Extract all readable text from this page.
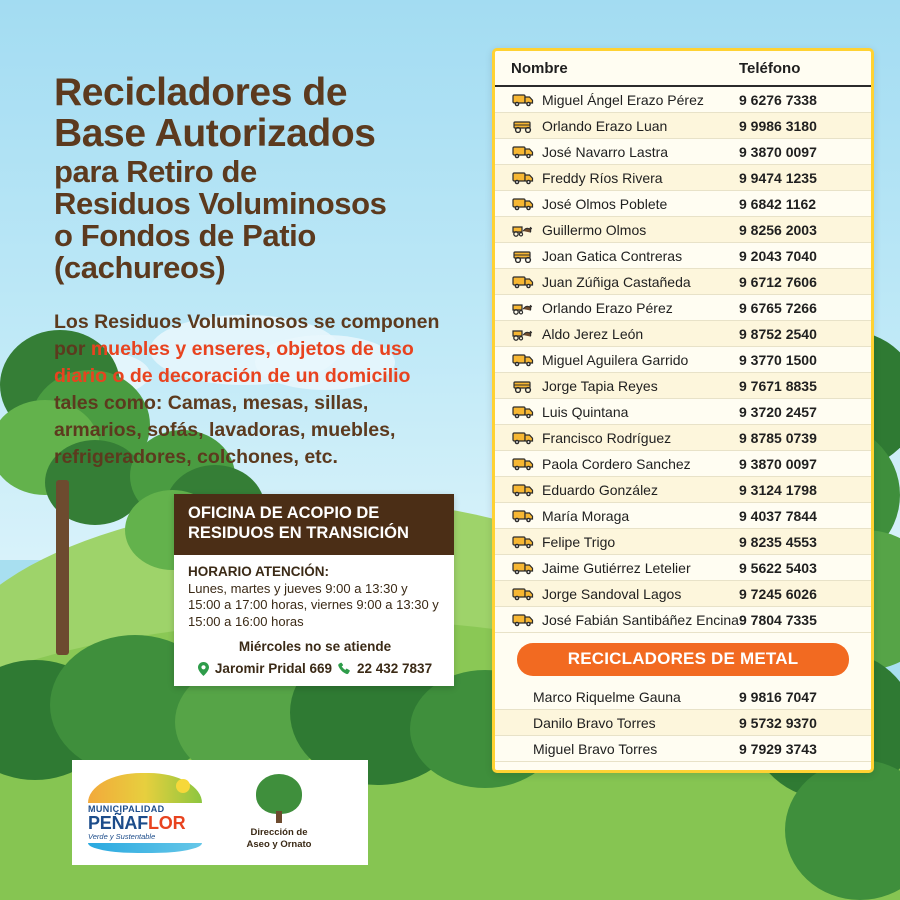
Recicladores de
Base Autorizados
para Retiro de
Residuos Voluminosos
o Fondos de Patio
(cachureos)

Los Residuos Voluminosos se componen por muebles y enseres, objetos de uso diario o de decoración de un domicilio tales como: Camas, mesas, sillas, armarios, sofás, lavadoras, muebles, refrigeradores, colchones, etc.

OFICINA DE ACOPIO DE
RESIDUOS EN TRANSICIÓN
HORARIO ATENCIÓN:
Lunes, martes y jueves 9:00 a 13:30 y 15:00 a 17:00 horas, viernes 9:00 a 13:30 y 15:00 a 16:00 horas
Miércoles no se atiende
Jaromir Pridal 669 22 432 7837
MUNICIPALIDAD
PEÑAFLOR
Verde y Sustentable	Dirección de
Aseo y Ornato
Nombre	Teléfono
Miguel Ángel Erazo Pérez	9 6276 7338
Orlando Erazo Luan	9 9986 3180
José Navarro Lastra	9 3870 0097
Freddy Ríos Rivera	9 9474 1235
José Olmos Poblete	9 6842 1162
Guillermo Olmos	9 8256 2003
Joan Gatica Contreras	9 2043 7040
Juan Zúñiga Castañeda	9 6712 7606
Orlando Erazo Pérez	9 6765 7266
Aldo Jerez León	9 8752 2540
Miguel Aguilera Garrido	9 3770 1500
Jorge Tapia Reyes	9 7671 8835
Luis Quintana	9 3720 2457
Francisco Rodríguez	9 8785 0739
Paola Cordero Sanchez	9 3870 0097
Eduardo González	9 3124 1798
María Moraga	9 4037 7844
Felipe Trigo	9 8235 4553
Jaime Gutiérrez Letelier	9 5622 5403
Jorge Sandoval Lagos	9 7245 6026
José Fabián Santibáñez Encina 9 7804 7335
RECICLADORES DE METAL
Marco Riquelme Gauna	9 9816 7047
Danilo Bravo Torres	9 5732 9370
Miguel Bravo Torres	9 7929 3743
